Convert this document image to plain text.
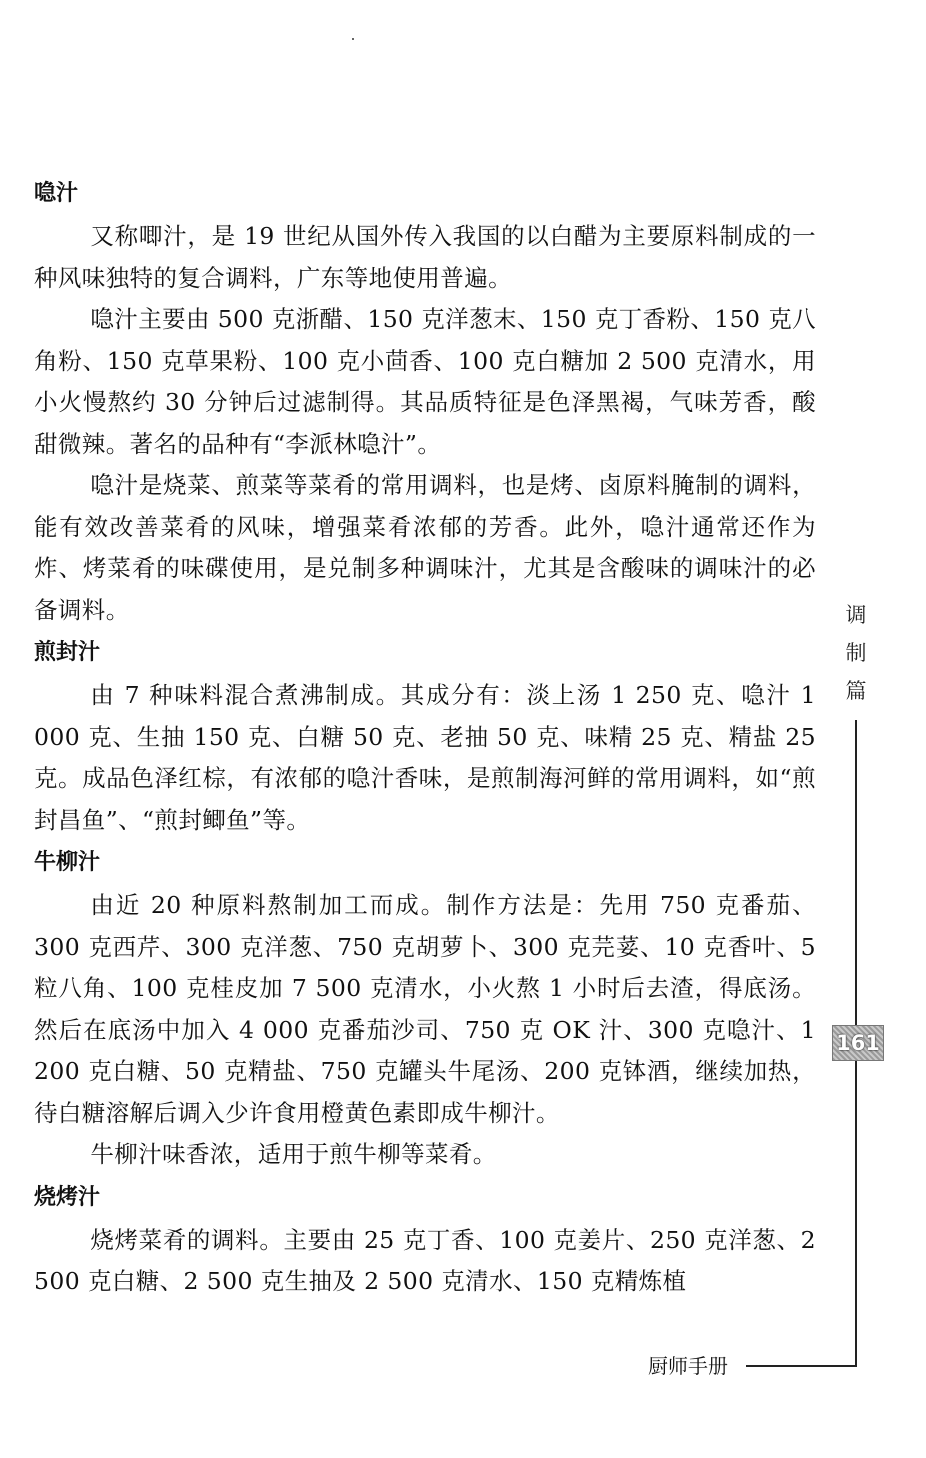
喼汁

又称唧汁，是 19 世纪从国外传入我国的以白醋为主要原料制成的一种风味独特的复合调料，广东等地使用普遍。

喼汁主要由 500 克浙醋、150 克洋葱末、150 克丁香粉、150 克八角粉、150 克草果粉、100 克小茴香、100 克白糖加 2 500 克清水，用小火慢熬约 30 分钟后过滤制得。其品质特征是色泽黑褐，气味芳香，酸甜微辣。著名的品种有“李派林喼汁”。

喼汁是烧菜、煎菜等菜肴的常用调料，也是烤、卤原料腌制的调料，能有效改善菜肴的风味，增强菜肴浓郁的芳香。此外，喼汁通常还作为炸、烤菜肴的味碟使用，是兑制多种调味汁，尤其是含酸味的调味汁的必备调料。

煎封汁

由 7 种味料混合煮沸制成。其成分有：淡上汤 1 250 克、喼汁 1 000 克、生抽 150 克、白糖 50 克、老抽 50 克、味精 25 克、精盐 25 克。成品色泽红棕，有浓郁的喼汁香味，是煎制海河鲜的常用调料，如“煎封昌鱼”、“煎封鲫鱼”等。

牛柳汁

由近 20 种原料熬制加工而成。制作方法是：先用 750 克番茄、300 克西芹、300 克洋葱、750 克胡萝卜、300 克芫荽、10 克香叶、5 粒八角、100 克桂皮加 7 500 克清水，小火熬 1 小时后去渣，得底汤。然后在底汤中加入 4 000 克番茄沙司、750 克 OK 汁、300 克喼汁、1 200 克白糖、50 克精盐、750 克罐头牛尾汤、200 克钵酒，继续加热，待白糖溶解后调入少许食用橙黄色素即成牛柳汁。

牛柳汁味香浓，适用于煎牛柳等菜肴。

烧烤汁

烧烤菜肴的调料。主要由 25 克丁香、100 克姜片、250 克洋葱、2 500 克白糖、2 500 克生抽及 2 500 克清水、150 克精炼植

调
制
篇
161
厨师手册
